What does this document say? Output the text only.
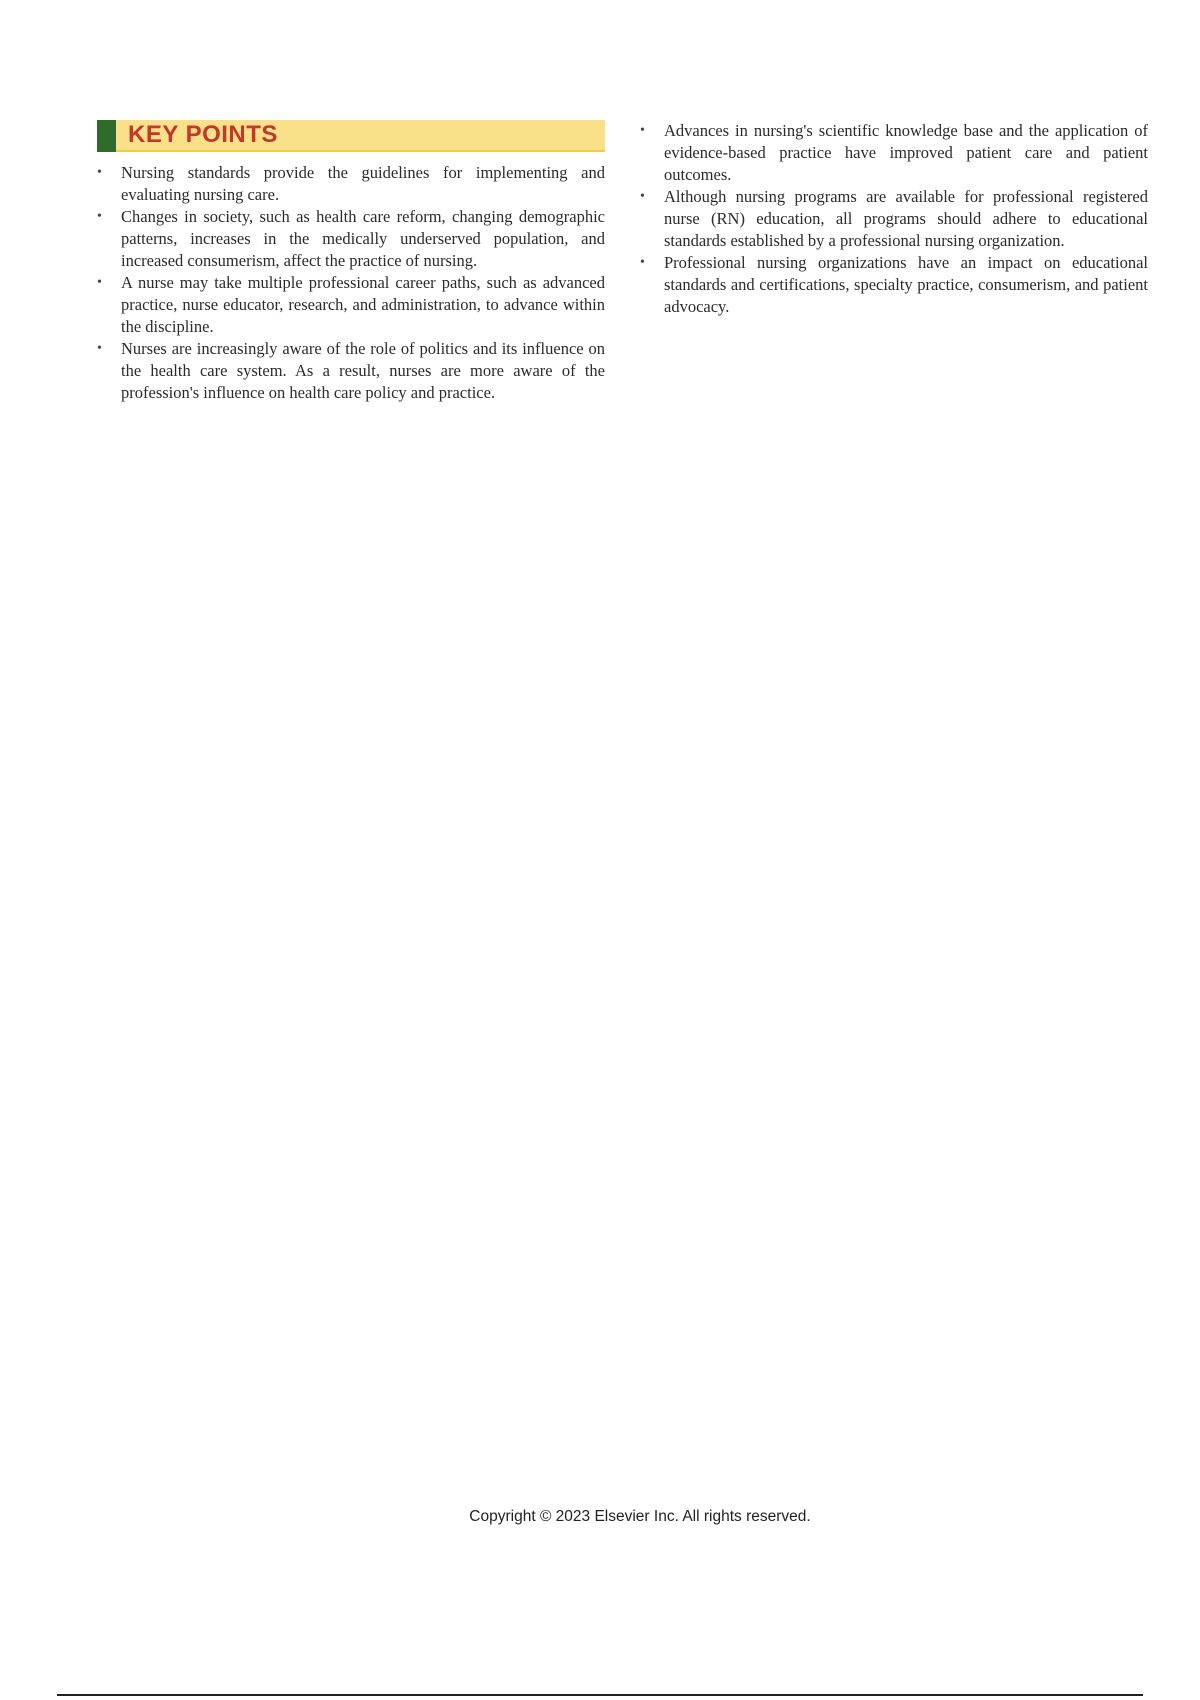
KEY POINTS
• Nursing standards provide the guidelines for implementing and evaluating nursing care.
• Changes in society, such as health care reform, changing demographic patterns, increases in the medically underserved population, and increased consumerism, affect the practice of nursing.
• A nurse may take multiple professional career paths, such as advanced practice, nurse educator, research, and administration, to advance within the discipline.
• Nurses are increasingly aware of the role of politics and its influence on the health care system. As a result, nurses are more aware of the profession's influence on health care policy and practice.
• Advances in nursing's scientific knowledge base and the application of evidence-based practice have improved patient care and patient outcomes.
• Although nursing programs are available for professional registered nurse (RN) education, all programs should adhere to educational standards established by a professional nursing organization.
• Professional nursing organizations have an impact on educational standards and certifications, specialty practice, consumerism, and patient advocacy.
Copyright © 2023 Elsevier Inc. All rights reserved.
